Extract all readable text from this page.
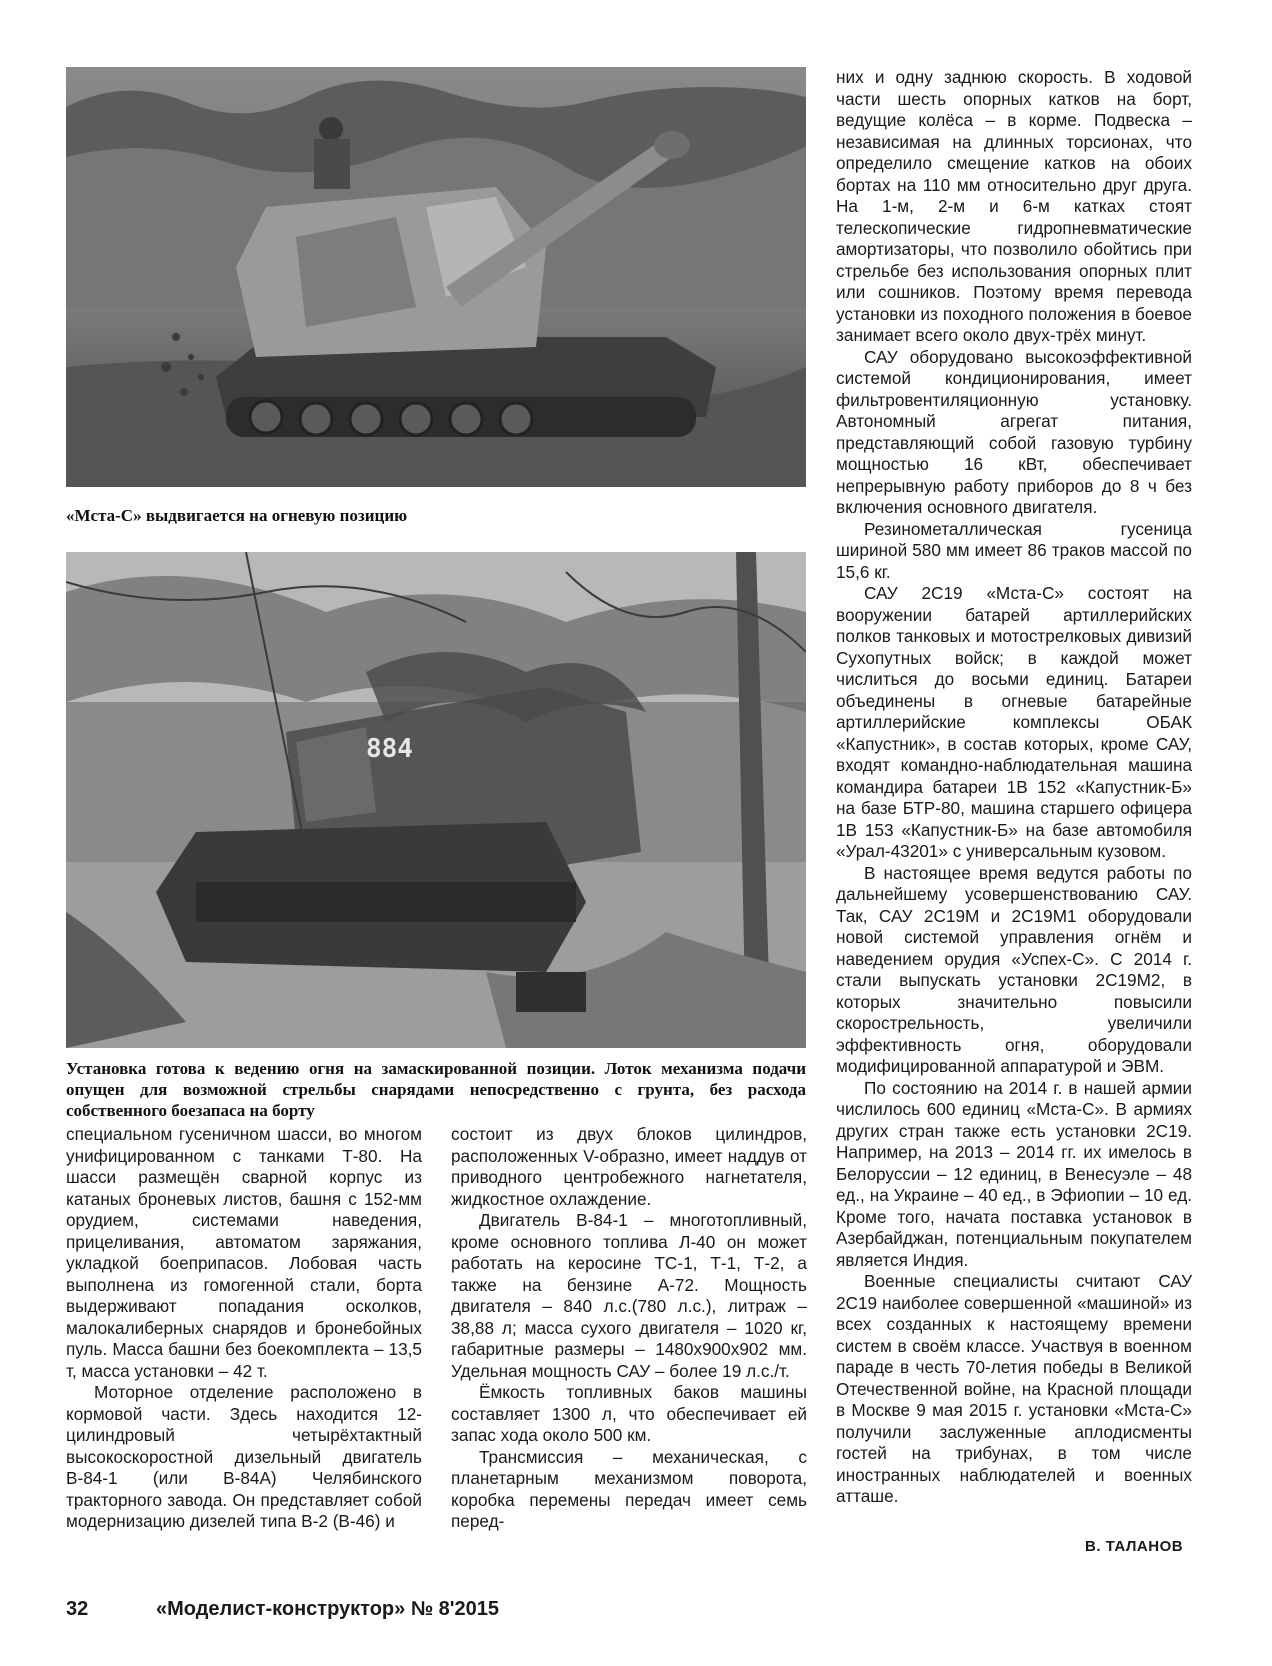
«Мста-С» выдвигается на огневую позицию
884
Установка готова к ведению огня на замаскированной позиции. Лоток механизма подачи опущен для возможной стрельбы снарядами непосредственно с грунта, без расхода собственного боезапаса на борту

специальном гусеничном шасси, во многом унифицированном с танками Т-80. На шасси размещён сварной корпус из катаных броневых листов, башня с 152-мм орудием, системами наведения, прицеливания, автоматом заряжания, укладкой боеприпасов. Лобовая часть выполнена из гомогенной стали, борта выдерживают попадания осколков, малокалиберных снарядов и бронебойных пуль. Масса башни без боекомплекта – 13,5 т, масса установки – 42 т.

Моторное отделение расположено в кормовой части. Здесь находится 12-цилиндровый четырёхтактный высокоскоростной дизельный двигатель В-84-1 (или В-84А) Челябинского тракторного завода. Он представляет собой модернизацию дизелей типа В-2 (В-46) и

состоит из двух блоков цилиндров, расположенных V-образно, имеет наддув от приводного центробежного нагнетателя, жидкостное охлаждение.

Двигатель В-84-1 – многотопливный, кроме основного топлива Л-40 он может работать на керосине ТС-1, Т-1, Т-2, а также на бензине А-72. Мощность двигателя – 840 л.с.(780 л.с.), литраж – 38,88 л; масса сухого двигателя – 1020 кг, габаритные размеры – 1480х900х902 мм. Удельная мощность САУ – более 19 л.с./т.

Ёмкость топливных баков машины составляет 1300 л, что обеспечивает ей запас хода около 500 км.

Трансмиссия – механическая, с планетарным механизмом поворота, коробка перемены передач имеет семь перед-

них и одну заднюю скорость. В ходовой части шесть опорных катков на борт, ведущие колёса – в корме. Подвеска – независимая на длинных торсионах, что определило смещение катков на обоих бортах на 110 мм относительно друг друга. На 1-м, 2-м и 6-м катках стоят телескопические гидропневматические амортизаторы, что позволило обойтись при стрельбе без использования опорных плит или сошников. Поэтому время перевода установки из походного положения в боевое занимает всего около двух-трёх минут.

САУ оборудовано высокоэффективной системой кондиционирования, имеет фильтровентиляционную установку. Автономный агрегат питания, представляющий собой газовую турбину мощностью 16 кВт, обеспечивает непрерывную работу приборов до 8 ч без включения основного двигателя.

Резинометаллическая гусеница шириной 580 мм имеет 86 траков массой по 15,6 кг.

САУ 2С19 «Мста-С» состоят на вооружении батарей артиллерийских полков танковых и мотострелковых дивизий Сухопутных войск; в каждой может числиться до восьми единиц. Батареи объединены в огневые батарейные артиллерийские комплексы ОБАК «Капустник», в состав которых, кроме САУ, входят командно-наблюдательная машина командира батареи 1В 152 «Капустник-Б» на базе БТР-80, машина старшего офицера 1В 153 «Капустник-Б» на базе автомобиля «Урал-43201» с универсальным кузовом.

В настоящее время ведутся работы по дальнейшему усовершенствованию САУ. Так, САУ 2С19М и 2С19М1 оборудовали новой системой управления огнём и наведением орудия «Успех-С». С 2014 г. стали выпускать установки 2С19М2, в которых значительно повысили скорострельность, увеличили эффективность огня, оборудовали модифицированной аппаратурой и ЭВМ.

По состоянию на 2014 г. в нашей армии числилось 600 единиц «Мста-С». В армиях других стран также есть установки 2С19. Например, на 2013 – 2014 гг. их имелось в Белоруссии – 12 единиц, в Венесуэле – 48 ед., на Украине – 40 ед., в Эфиопии – 10 ед. Кроме того, начата поставка установок в Азербайджан, потенциальным покупателем является Индия.

Военные специалисты считают САУ 2С19 наиболее совершенной «машиной» из всех созданных к настоящему времени систем в своём классе. Участвуя в военном параде в честь 70-летия победы в Великой Отечественной войне, на Красной площади в Москве 9 мая 2015 г. установки «Мста-С» получили заслуженные аплодисменты гостей на трибунах, в том числе иностранных наблюдателей и военных атташе.

В. ТАЛАНОВ
32	«Моделист-конструктор» № 8'2015
